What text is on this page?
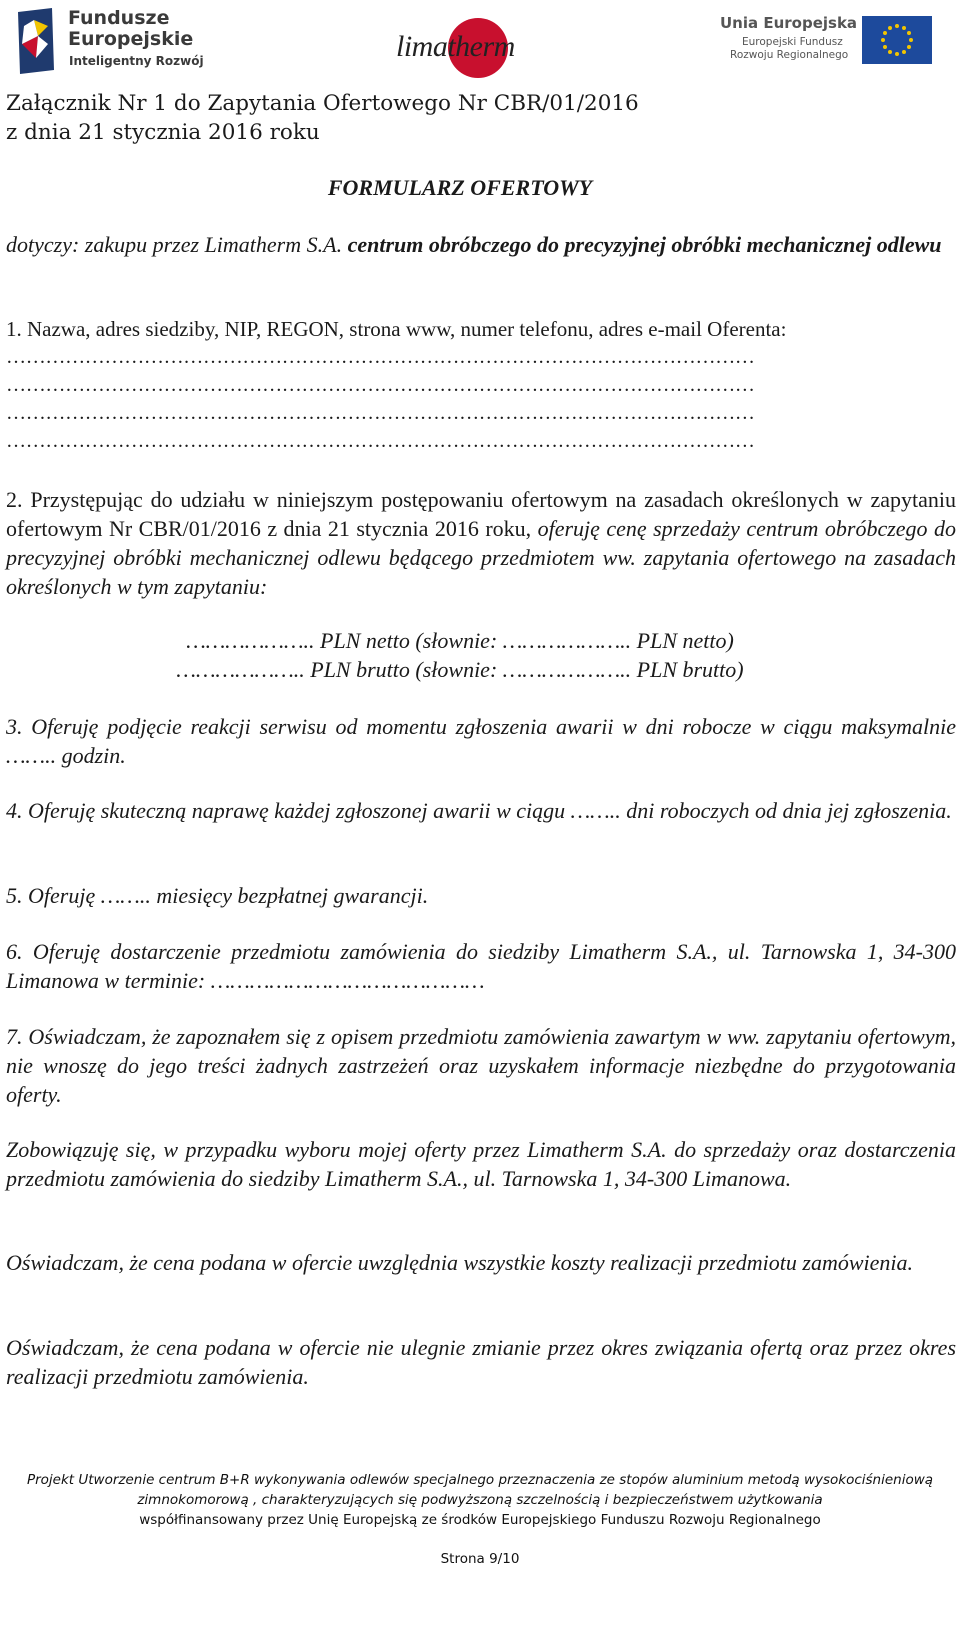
Fundusze
Europejskie
Inteligentny Rozwój	limatherm
Unia Europejska
Europejski Fundusz
Rozwoju Regionalnego
Załącznik Nr 1 do Zapytania Ofertowego Nr CBR/01/2016
z dnia 21 stycznia 2016 roku
FORMULARZ OFERTOWY
dotyczy: zakupu przez Limatherm S.A. centrum obróbczego do precyzyjnej obróbki mechanicznej odlewu
1. Nazwa, adres siedziby, NIP, REGON, strona www, numer telefonu, adres e-mail Oferenta:
……………………………………………………………………………………………………
……………………………………………………………………………………………………
……………………………………………………………………………………………………
……………………………………………………………………………………………………
2. Przystępując do udziału w niniejszym postępowaniu ofertowym na zasadach określonych w zapytaniu ofertowym Nr CBR/01/2016 z dnia 21 stycznia 2016 roku, oferuję cenę sprzedaży centrum obróbczego do precyzyjnej obróbki mechanicznej odlewu będącego przedmiotem ww. zapytania ofertowego na zasadach określonych w tym zapytaniu:
……………….. PLN netto (słownie: ……………….. PLN netto)
……………….. PLN brutto (słownie: ……………….. PLN brutto)
3. Oferuję podjęcie reakcji serwisu od momentu zgłoszenia awarii w dni robocze w ciągu maksymalnie …….. godzin.
4. Oferuję skuteczną naprawę każdej zgłoszonej awarii w ciągu …….. dni roboczych od dnia jej zgłoszenia.
5. Oferuję …….. miesięcy bezpłatnej gwarancji.
6. Oferuję dostarczenie przedmiotu zamówienia do siedziby Limatherm S.A., ul. Tarnowska 1, 34-300 Limanowa w terminie: ……………………………………
7. Oświadczam, że zapoznałem się z opisem przedmiotu zamówienia zawartym w ww. zapytaniu ofertowym, nie wnoszę do jego treści żadnych zastrzeżeń oraz uzyskałem informacje niezbędne do przygotowania oferty.
Zobowiązuję się, w przypadku wyboru mojej oferty przez Limatherm S.A. do sprzedaży oraz dostarczenia przedmiotu zamówienia do siedziby Limatherm S.A., ul. Tarnowska 1, 34-300 Limanowa.
Oświadczam, że cena podana w ofercie uwzględnia wszystkie koszty realizacji przedmiotu zamówienia.
Oświadczam, że cena podana w ofercie nie ulegnie zmianie przez okres związania ofertą oraz przez okres realizacji przedmiotu zamówienia.
Projekt Utworzenie centrum B+R wykonywania odlewów specjalnego przeznaczenia ze stopów aluminium metodą wysokociśnieniową
zimnokomorową , charakteryzujących się podwyższoną szczelnością i bezpieczeństwem użytkowania
współfinansowany przez Unię Europejską ze środków Europejskiego Funduszu Rozwoju Regionalnego
Strona 9/10
